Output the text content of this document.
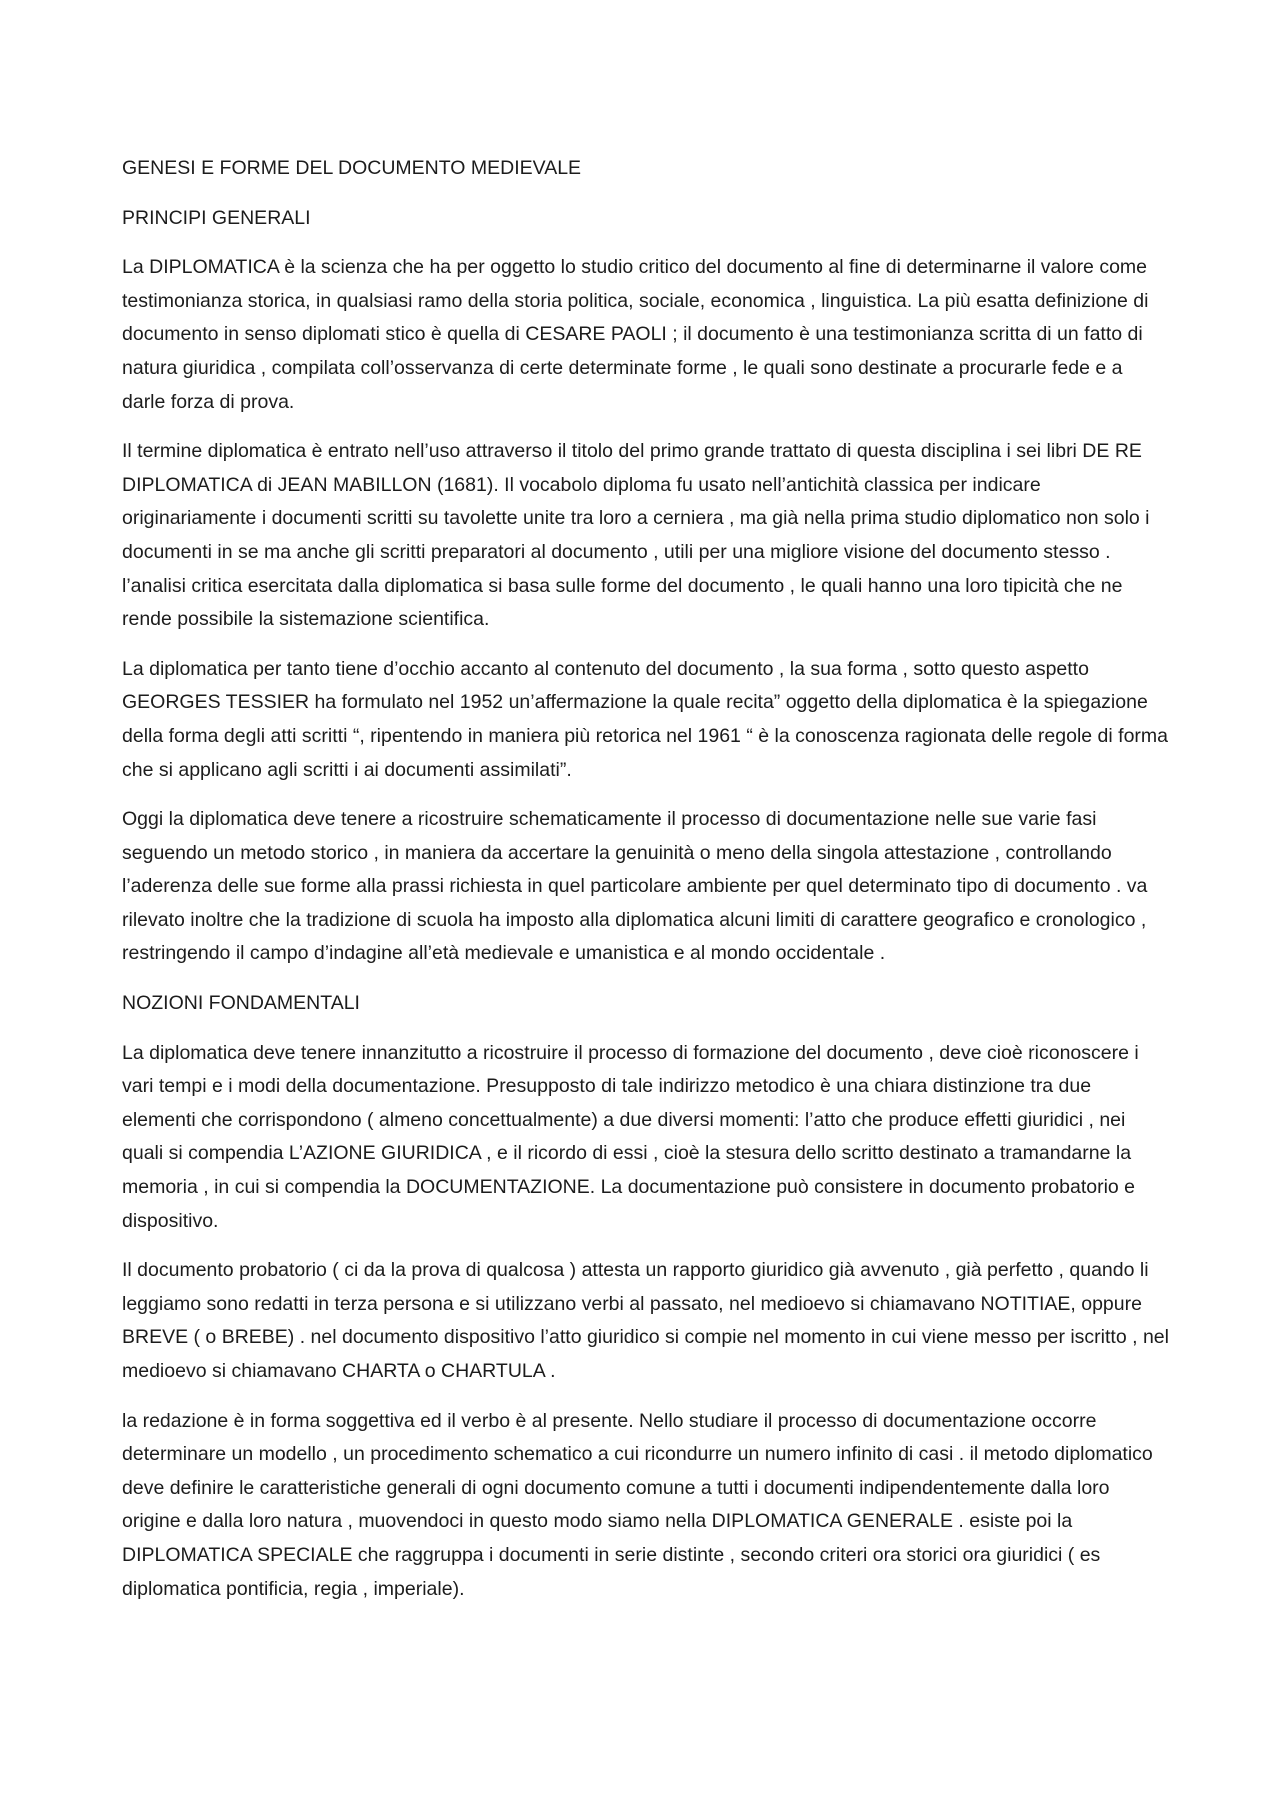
GENESI E FORME DEL DOCUMENTO MEDIEVALE

PRINCIPI GENERALI

La DIPLOMATICA è la scienza che ha per oggetto lo studio critico del documento al fine di determinarne il valore come testimonianza storica, in qualsiasi ramo della storia politica, sociale, economica , linguistica. La più esatta definizione di documento in senso diplomati stico è quella di CESARE PAOLI ; il documento è una testimonianza scritta di un fatto di natura giuridica , compilata coll’osservanza di certe determinate forme , le quali sono destinate a procurarle fede e a darle forza di prova.

Il termine diplomatica è entrato nell’uso attraverso il titolo del primo grande trattato di questa disciplina i sei libri DE RE DIPLOMATICA di JEAN MABILLON (1681). Il vocabolo diploma fu usato nell’antichità classica per indicare originariamente i documenti scritti su tavolette unite tra loro a cerniera , ma già nella prima studio diplomatico non solo i documenti in se ma anche gli scritti preparatori al documento , utili per una migliore visione del documento stesso . l’analisi critica esercitata dalla diplomatica si basa sulle forme del documento , le quali hanno una loro tipicità che ne rende possibile la sistemazione scientifica.

La diplomatica per tanto tiene d’occhio accanto al contenuto del documento , la sua forma , sotto questo aspetto GEORGES TESSIER ha formulato nel 1952 un’affermazione la quale recita” oggetto della diplomatica è la spiegazione della forma degli atti scritti “, ripentendo in maniera più retorica nel 1961 “ è la conoscenza ragionata delle regole di forma che si applicano agli scritti i ai documenti assimilati”.

Oggi la diplomatica deve tenere a ricostruire schematicamente il processo di documentazione nelle sue varie fasi seguendo un metodo storico , in maniera da accertare la genuinità o meno della singola attestazione , controllando l’aderenza delle sue forme alla prassi richiesta in quel particolare ambiente per quel determinato tipo di documento . va rilevato inoltre che la tradizione di scuola ha imposto alla diplomatica alcuni limiti di carattere geografico e cronologico , restringendo il campo d’indagine all’età medievale e umanistica e al mondo occidentale .

NOZIONI FONDAMENTALI

La diplomatica deve tenere innanzitutto a ricostruire il processo di formazione del documento , deve cioè riconoscere i vari tempi e i modi della documentazione. Presupposto di tale indirizzo metodico è una chiara distinzione tra due elementi che corrispondono ( almeno concettualmente) a due diversi momenti: l’atto che produce effetti giuridici , nei quali si compendia L’AZIONE GIURIDICA , e il ricordo di essi , cioè la stesura dello scritto destinato a tramandarne la memoria , in cui si compendia la DOCUMENTAZIONE. La documentazione può consistere in documento probatorio e dispositivo.

Il documento probatorio ( ci da la prova di qualcosa ) attesta un rapporto giuridico già avvenuto , già perfetto , quando li leggiamo sono redatti in terza persona e si utilizzano verbi al passato, nel medioevo si chiamavano NOTITIAE, oppure BREVE ( o BREBE) . nel documento dispositivo l’atto giuridico si compie nel momento in cui viene messo per iscritto , nel medioevo si chiamavano CHARTA o CHARTULA .

la redazione è in forma soggettiva ed il verbo è al presente. Nello studiare il processo di documentazione occorre determinare un modello , un procedimento schematico a cui ricondurre un numero infinito di casi . il metodo diplomatico deve definire le caratteristiche generali di ogni documento comune a tutti i documenti indipendentemente dalla loro origine e dalla loro natura , muovendoci in questo modo siamo nella DIPLOMATICA GENERALE . esiste poi la DIPLOMATICA SPECIALE che raggruppa i documenti in serie distinte , secondo criteri ora storici ora giuridici ( es diplomatica pontificia, regia , imperiale).
